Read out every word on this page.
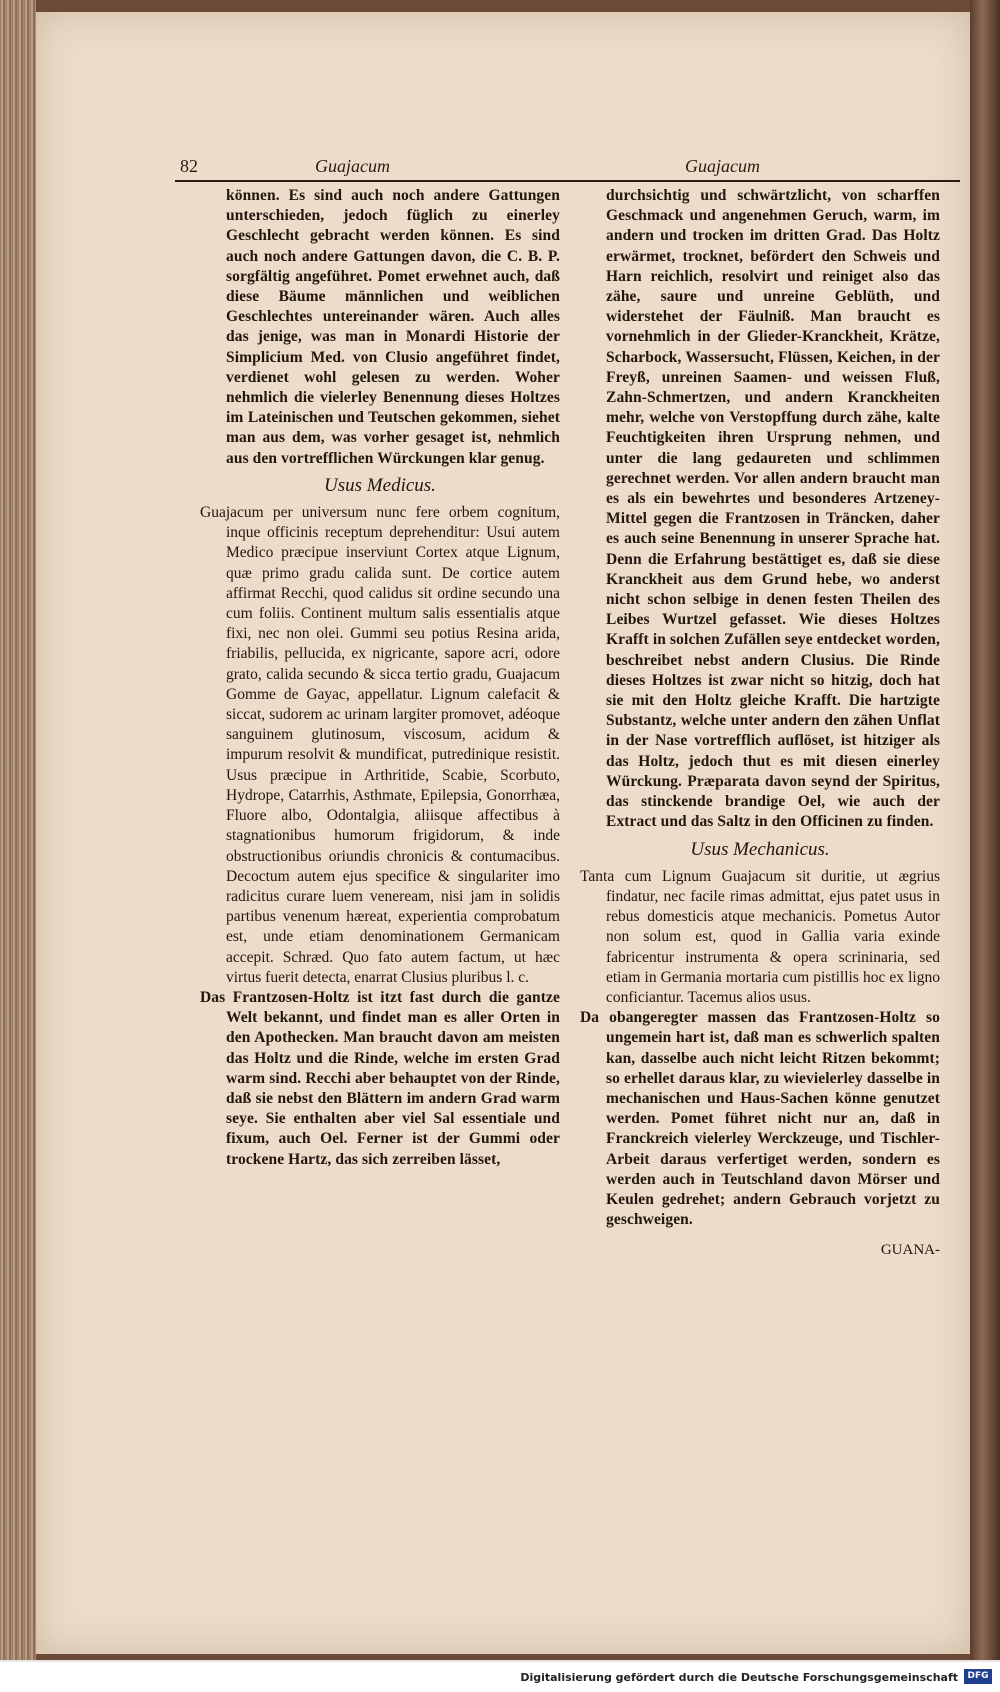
82	Guajacum	Guajacum

können. Es sind auch noch andere Gattungen unterschieden, jedoch füglich zu einerley Geschlecht gebracht werden können. Es sind auch noch andere Gattungen davon, die C. B. P. sorgfältig angeführet. Pomet erwehnet auch, daß diese Bäume männlichen und weiblichen Geschlechtes untereinander wären. Auch alles das jenige, was man in Monardi Historie der Simplicium Med. von Clusio angeführet findet, verdienet wohl gelesen zu werden. Woher nehmlich die vielerley Benennung dieses Holtzes im Lateinischen und Teutschen gekommen, siehet man aus dem, was vorher gesaget ist, nehmlich aus den vortrefflichen Würckungen klar genug.

Usus Medicus.

Guajacum per universum nunc fere orbem cognitum, inque officinis receptum deprehenditur: Usui autem Medico præcipue inserviunt Cortex atque Lignum, quæ primo gradu calida sunt. De cortice autem affirmat Recchi, quod calidus sit ordine secundo una cum foliis. Continent multum salis essentialis atque fixi, nec non olei. Gummi seu potius Resina arida, friabilis, pellucida, ex nigricante, sapore acri, odore grato, calida secundo & sicca tertio gradu, Guajacum Gomme de Gayac, appellatur. Lignum calefacit & siccat, sudorem ac urinam largiter promovet, adéoque sanguinem glutinosum, viscosum, acidum & impurum resolvit & mundificat, putredinique resistit. Usus præcipue in Arthritide, Scabie, Scorbuto, Hydrope, Catarrhis, Asthmate, Epilepsia, Gonorrhæa, Fluore albo, Odontalgia, aliisque affectibus à stagnationibus humorum frigidorum, & inde obstructionibus oriundis chronicis & contumacibus. Decoctum autem ejus specifice & singulariter imo radicitus curare luem veneream, nisi jam in solidis partibus venenum hæreat, experientia comprobatum est, unde etiam denominationem Germanicam accepit. Schræd. Quo fato autem factum, ut hæc virtus fuerit detecta, enarrat Clusius pluribus l. c.

Das Frantzosen-Holtz ist itzt fast durch die gantze Welt bekannt, und findet man es aller Orten in den Apothecken. Man braucht davon am meisten das Holtz und die Rinde, welche im ersten Grad warm sind. Recchi aber behauptet von der Rinde, daß sie nebst den Blättern im andern Grad warm seye. Sie enthalten aber viel Sal essentiale und fixum, auch Oel. Ferner ist der Gummi oder trockene Hartz, das sich zerreiben lässet,

durchsichtig und schwärtzlicht, von scharffen Geschmack und angenehmen Geruch, warm, im andern und trocken im dritten Grad. Das Holtz erwärmet, trocknet, befördert den Schweis und Harn reichlich, resolvirt und reiniget also das zähe, saure und unreine Geblüth, und widerstehet der Fäulniß. Man braucht es vornehmlich in der Glieder-Kranckheit, Krätze, Scharbock, Wassersucht, Flüssen, Keichen, in der Freyß, unreinen Saamen- und weissen Fluß, Zahn-Schmertzen, und andern Kranckheiten mehr, welche von Verstopffung durch zähe, kalte Feuchtigkeiten ihren Ursprung nehmen, und unter die lang gedaureten und schlimmen gerechnet werden. Vor allen andern braucht man es als ein bewehrtes und besonderes Artzeney-Mittel gegen die Frantzosen in Träncken, daher es auch seine Benennung in unserer Sprache hat. Denn die Erfahrung bestättiget es, daß sie diese Kranckheit aus dem Grund hebe, wo anderst nicht schon selbige in denen festen Theilen des Leibes Wurtzel gefasset. Wie dieses Holtzes Krafft in solchen Zufällen seye entdecket worden, beschreibet nebst andern Clusius. Die Rinde dieses Holtzes ist zwar nicht so hitzig, doch hat sie mit den Holtz gleiche Krafft. Die hartzigte Substantz, welche unter andern den zähen Unflat in der Nase vortrefflich auflöset, ist hitziger als das Holtz, jedoch thut es mit diesen einerley Würckung. Præparata davon seynd der Spiritus, das stinckende brandige Oel, wie auch der Extract und das Saltz in den Officinen zu finden.

Usus Mechanicus.

Tanta cum Lignum Guajacum sit duritie, ut ægrius findatur, nec facile rimas admittat, ejus patet usus in rebus domesticis atque mechanicis. Pometus Autor non solum est, quod in Gallia varia exinde fabricentur instrumenta & opera scrininaria, sed etiam in Germania mortaria cum pistillis hoc ex ligno conficiantur. Tacemus alios usus.

Da obangeregter massen das Frantzosen-Holtz so ungemein hart ist, daß man es schwerlich spalten kan, dasselbe auch nicht leicht Ritzen bekommt; so erhellet daraus klar, zu wievielerley dasselbe in mechanischen und Haus-Sachen könne genutzet werden. Pomet führet nicht nur an, daß in Franckreich vielerley Werckzeuge, und Tischler-Arbeit daraus verfertiget werden, sondern es werden auch in Teutschland davon Mörser und Keulen gedrehet; andern Gebrauch vorjetzt zu geschweigen.

GUANA-
Digitalisierung gefördert durch die Deutsche Forschungsgemeinschaft	DFG
